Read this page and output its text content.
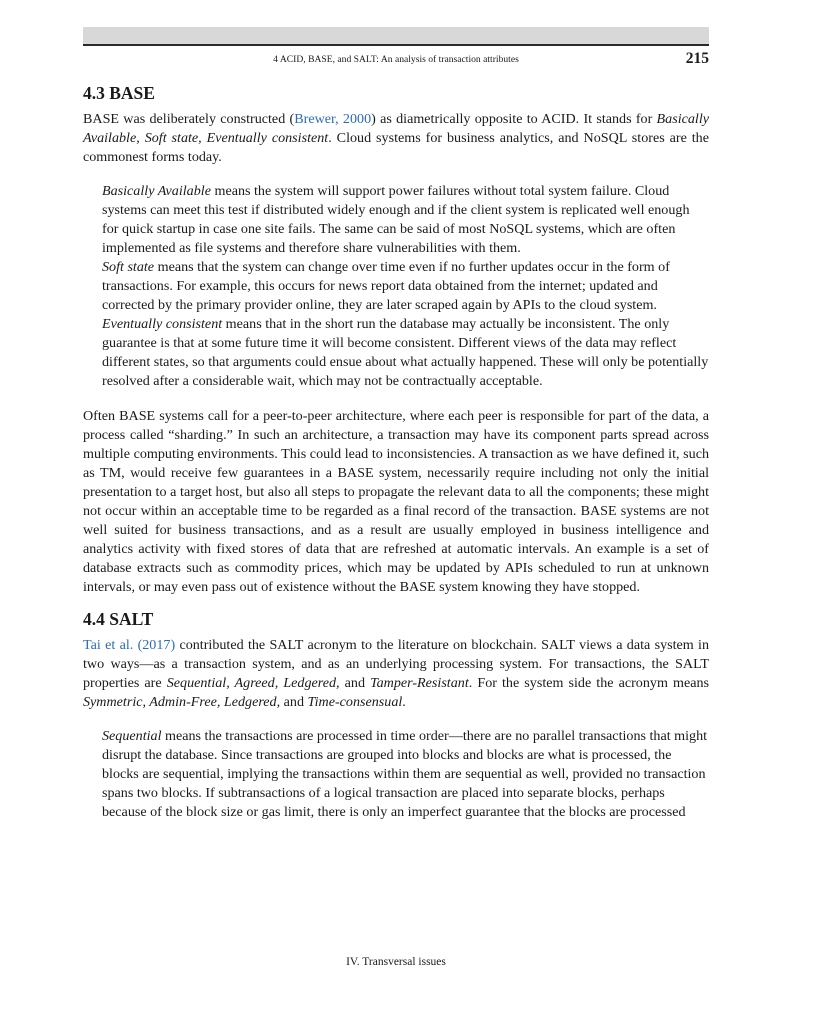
4 ACID, BASE, and SALT: An analysis of transaction attributes	215
4.3 BASE

BASE was deliberately constructed (Brewer, 2000) as diametrically opposite to ACID. It stands for Basically Available, Soft state, Eventually consistent. Cloud systems for business analytics, and NoSQL stores are the commonest forms today.

Basically Available means the system will support power failures without total system failure. Cloud systems can meet this test if distributed widely enough and if the client system is replicated well enough for quick startup in case one site fails. The same can be said of most NoSQL systems, which are often implemented as file systems and therefore share vulnerabilities with them.

Soft state means that the system can change over time even if no further updates occur in the form of transactions. For example, this occurs for news report data obtained from the internet; updated and corrected by the primary provider online, they are later scraped again by APIs to the cloud system.

Eventually consistent means that in the short run the database may actually be inconsistent. The only guarantee is that at some future time it will become consistent. Different views of the data may reflect different states, so that arguments could ensue about what actually happened. These will only be potentially resolved after a considerable wait, which may not be contractually acceptable.

Often BASE systems call for a peer-to-peer architecture, where each peer is responsible for part of the data, a process called “sharding.” In such an architecture, a transaction may have its component parts spread across multiple computing environments. This could lead to inconsistencies. A transaction as we have defined it, such as TM, would receive few guarantees in a BASE system, necessarily require including not only the initial presentation to a target host, but also all steps to propagate the relevant data to all the components; these might not occur within an acceptable time to be regarded as a final record of the transaction. BASE systems are not well suited for business transactions, and as a result are usually employed in business intelligence and analytics activity with fixed stores of data that are refreshed at automatic intervals. An example is a set of database extracts such as commodity prices, which may be updated by APIs scheduled to run at unknown intervals, or may even pass out of existence without the BASE system knowing they have stopped.

4.4 SALT

Tai et al. (2017) contributed the SALT acronym to the literature on blockchain. SALT views a data system in two ways—as a transaction system, and as an underlying processing system. For transactions, the SALT properties are Sequential, Agreed, Ledgered, and Tamper-Resistant. For the system side the acronym means Symmetric, Admin-Free, Ledgered, and Time-consensual.

Sequential means the transactions are processed in time order—there are no parallel transactions that might disrupt the database. Since transactions are grouped into blocks and blocks are what is processed, the blocks are sequential, implying the transactions within them are sequential as well, provided no transaction spans two blocks. If subtransactions of a logical transaction are placed into separate blocks, perhaps because of the block size or gas limit, there is only an imperfect guarantee that the blocks are processed

IV. Transversal issues
